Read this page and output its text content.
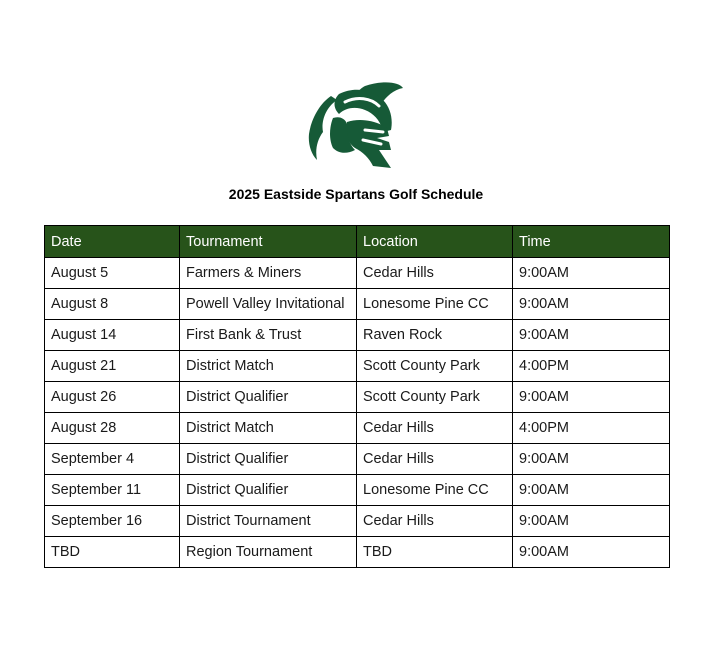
2025 Eastside Spartans Golf Schedule
Date	Tournament	Location	Time
August 5	Farmers & Miners	Cedar Hills	9:00AM
August 8	Powell Valley Invitational	Lonesome Pine CC	9:00AM
August 14	First Bank & Trust	Raven Rock	9:00AM
August 21	District Match	Scott County Park	4:00PM
August 26	District Qualifier	Scott County Park	9:00AM
August 28	District Match	Cedar Hills	4:00PM
September 4	District Qualifier	Cedar Hills	9:00AM
September 11	District Qualifier	Lonesome Pine CC	9:00AM
September 16	District Tournament	Cedar Hills	9:00AM
TBD	Region Tournament	TBD	9:00AM
